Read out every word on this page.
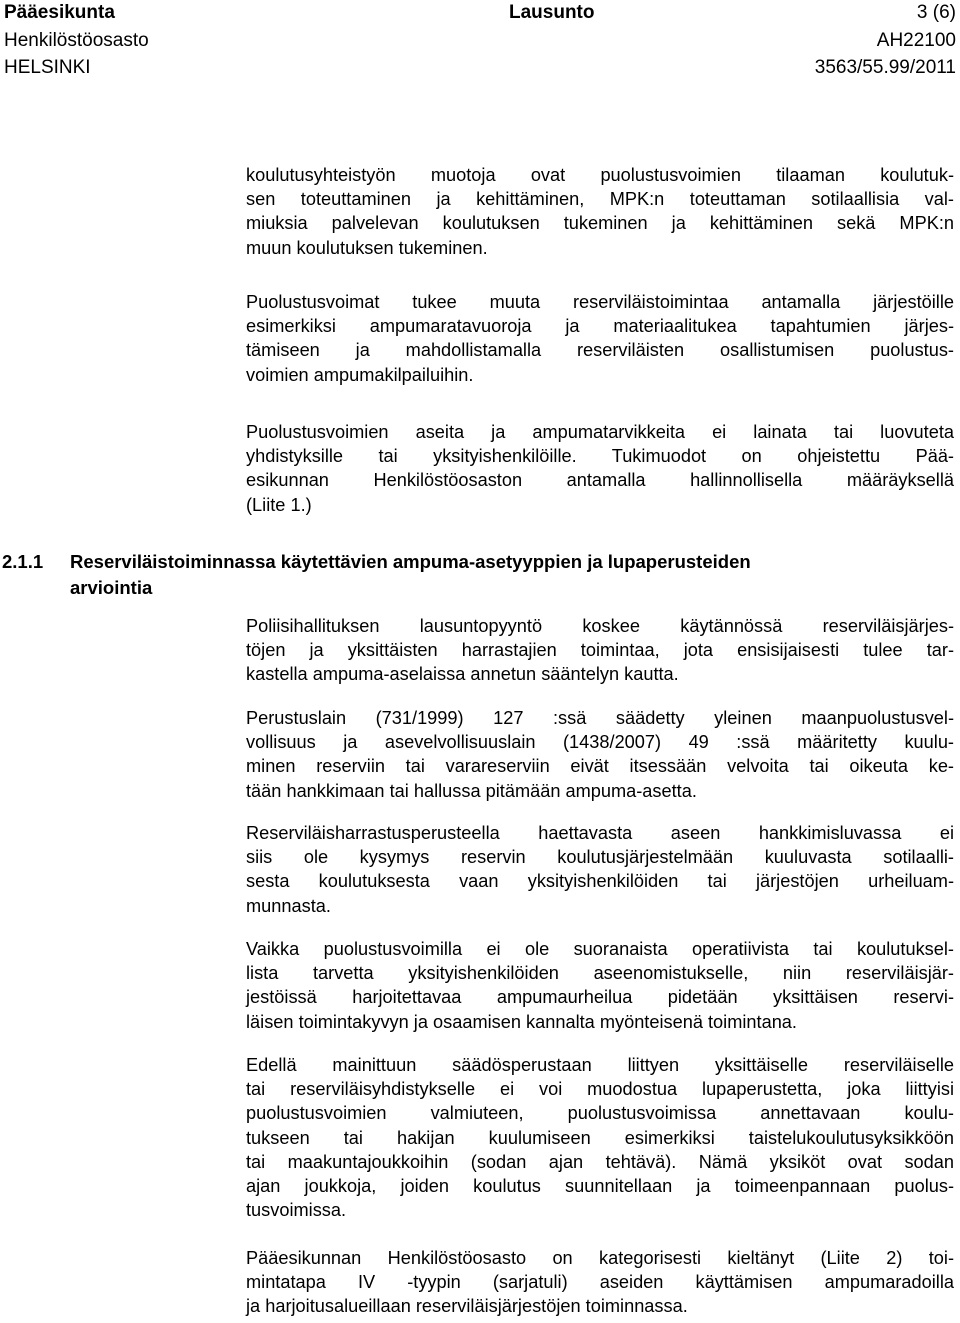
Pääesikunta	Lausunto	3 (6)
Henkilöstöosasto	AH22100
HELSINKI	3563/55.99/2011
koulutusyhteistyön muotoja ovat puolustusvoimien tilaaman koulutuk-
sen toteuttaminen ja kehittäminen, MPK:n toteuttaman sotilaallisia val-
miuksia palvelevan koulutuksen tukeminen ja kehittäminen sekä MPK:n
muun koulutuksen tukeminen.
Puolustusvoimat tukee muuta reserviläistoimintaa antamalla järjestöille
esimerkiksi ampumaratavuoroja ja materiaalitukea tapahtumien järjes-
tämiseen ja mahdollistamalla reserviläisten osallistumisen puolustus-
voimien ampumakilpailuihin.
Puolustusvoimien aseita ja ampumatarvikkeita ei lainata tai luovuteta
yhdistyksille tai yksityishenkilöille. Tukimuodot on ohjeistettu Pää-
esikunnan Henkilöstöosaston antamalla hallinnollisella määräyksellä
(Liite 1.)
2.1.1 Reserviläistoiminnassa käytettävien ampuma-asetyyppien ja lupaperusteiden
arviointia
Poliisihallituksen lausuntopyyntö koskee käytännössä reserviläisjärjes-
töjen ja yksittäisten harrastajien toimintaa, jota ensisijaisesti tulee tar-
kastella ampuma-aselaissa annetun sääntelyn kautta.
Perustuslain (731/1999) 127 :ssä säädetty yleinen maanpuolustusvel-
vollisuus ja asevelvollisuuslain (1438/2007) 49 :ssä määritetty kuulu-
minen reserviin tai varareserviin eivät itsessään velvoita tai oikeuta ke-
tään hankkimaan tai hallussa pitämään ampuma-asetta.
Reserviläisharrastusperusteella haettavasta aseen hankkimisluvassa ei
siis ole kysymys reservin koulutusjärjestelmään kuuluvasta sotilaalli-
sesta koulutuksesta vaan yksityishenkilöiden tai järjestöjen urheiluam-
munnasta.
Vaikka puolustusvoimilla ei ole suoranaista operatiivista tai koulutuksel-
lista tarvetta yksityishenkilöiden aseenomistukselle, niin reserviläisjär-
jestöissä harjoitettavaa ampumaurheilua pidetään yksittäisen reservi-
läisen toimintakyvyn ja osaamisen kannalta myönteisenä toimintana.
Edellä mainittuun säädösperustaan liittyen yksittäiselle reserviläiselle
tai reserviläisyhdistykselle ei voi muodostua lupaperustetta, joka liittyisi
puolustusvoimien valmiuteen, puolustusvoimissa annettavaan koulu-
tukseen tai hakijan kuulumiseen esimerkiksi taistelukoulutusyksikköön
tai maakuntajoukkoihin (sodan ajan tehtävä). Nämä yksiköt ovat sodan
ajan joukkoja, joiden koulutus suunnitellaan ja toimeenpannaan puolus-
tusvoimissa.
Pääesikunnan Henkilöstöosasto on kategorisesti kieltänyt (Liite 2) toi-
mintatapa IV -tyypin (sarjatuli) aseiden käyttämisen ampumaradoilla
ja harjoitusalueillaan reserviläisjärjestöjen toiminnassa.
